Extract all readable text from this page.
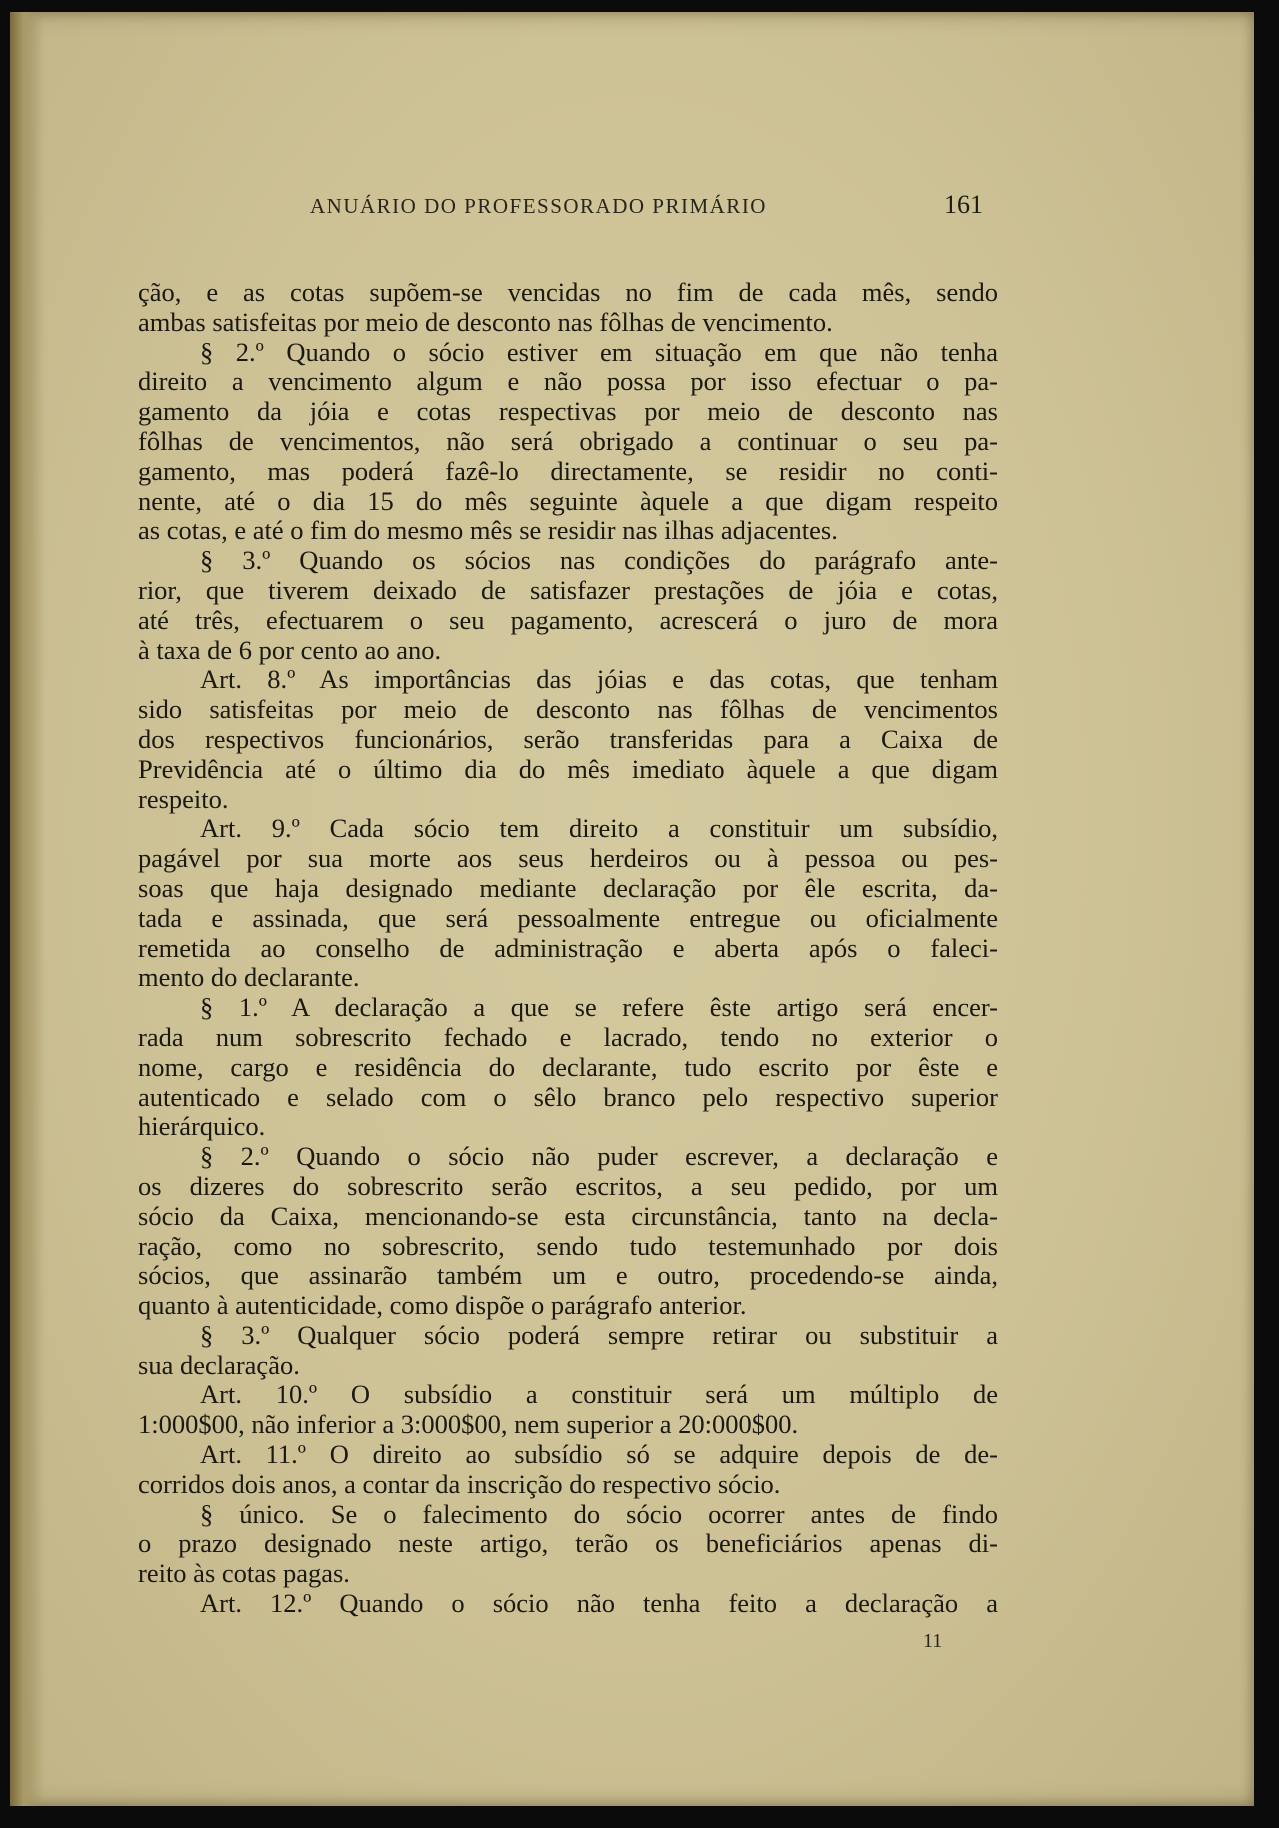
ANUÁRIO DO PROFESSORADO PRIMÁRIO	161
ção, e as cotas supõem-se vencidas no fim de cada mês, sendo
ambas satisfeitas por meio de desconto nas fôlhas de vencimento.
§ 2.º Quando o sócio estiver em situação em que não tenha
direito a vencimento algum e não possa por isso efectuar o pa-
gamento da jóia e cotas respectivas por meio de desconto nas
fôlhas de vencimentos, não será obrigado a continuar o seu pa-
gamento, mas poderá fazê-lo directamente, se residir no conti-
nente, até o dia 15 do mês seguinte àquele a que digam respeito
as cotas, e até o fim do mesmo mês se residir nas ilhas adjacentes.
§ 3.º Quando os sócios nas condições do parágrafo ante-
rior, que tiverem deixado de satisfazer prestações de jóia e cotas,
até três, efectuarem o seu pagamento, acrescerá o juro de mora
à taxa de 6 por cento ao ano.
Art. 8.º As importâncias das jóias e das cotas, que tenham
sido satisfeitas por meio de desconto nas fôlhas de vencimentos
dos respectivos funcionários, serão transferidas para a Caixa de
Previdência até o último dia do mês imediato àquele a que digam
respeito.
Art. 9.º Cada sócio tem direito a constituir um subsídio,
pagável por sua morte aos seus herdeiros ou à pessoa ou pes-
soas que haja designado mediante declaração por êle escrita, da-
tada e assinada, que será pessoalmente entregue ou oficialmente
remetida ao conselho de administração e aberta após o faleci-
mento do declarante.
§ 1.º A declaração a que se refere êste artigo será encer-
rada num sobrescrito fechado e lacrado, tendo no exterior o
nome, cargo e residência do declarante, tudo escrito por êste e
autenticado e selado com o sêlo branco pelo respectivo superior
hierárquico.
§ 2.º Quando o sócio não puder escrever, a declaração e
os dizeres do sobrescrito serão escritos, a seu pedido, por um
sócio da Caixa, mencionando-se esta circunstância, tanto na decla-
ração, como no sobrescrito, sendo tudo testemunhado por dois
sócios, que assinarão também um e outro, procedendo-se ainda,
quanto à autenticidade, como dispõe o parágrafo anterior.
§ 3.º Qualquer sócio poderá sempre retirar ou substituir a
sua declaração.
Art. 10.º O subsídio a constituir será um múltiplo de
1:000$00, não inferior a 3:000$00, nem superior a 20:000$00.
Art. 11.º O direito ao subsídio só se adquire depois de de-
corridos dois anos, a contar da inscrição do respectivo sócio.
§ único. Se o falecimento do sócio ocorrer antes de findo
o prazo designado neste artigo, terão os beneficiários apenas di-
reito às cotas pagas.
Art. 12.º Quando o sócio não tenha feito a declaração a
11
